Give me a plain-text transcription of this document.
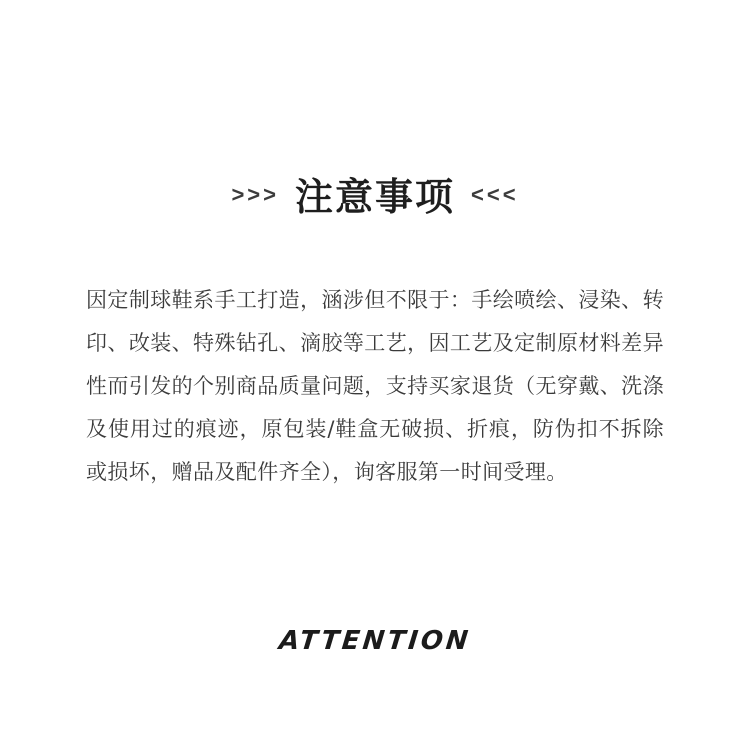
>>> 注意事项 <<<

因定制球鞋系手工打造，涵涉但不限于：手绘喷绘、浸染、转印、改装、特殊钻孔、滴胶等工艺，因工艺及定制原材料差异性而引发的个别商品质量问题，支持买家退货（无穿戴、洗涤及使用过的痕迹，原包装/鞋盒无破损、折痕，防伪扣不拆除或损坏，赠品及配件齐全），询客服第一时间受理。

ATTENTION
